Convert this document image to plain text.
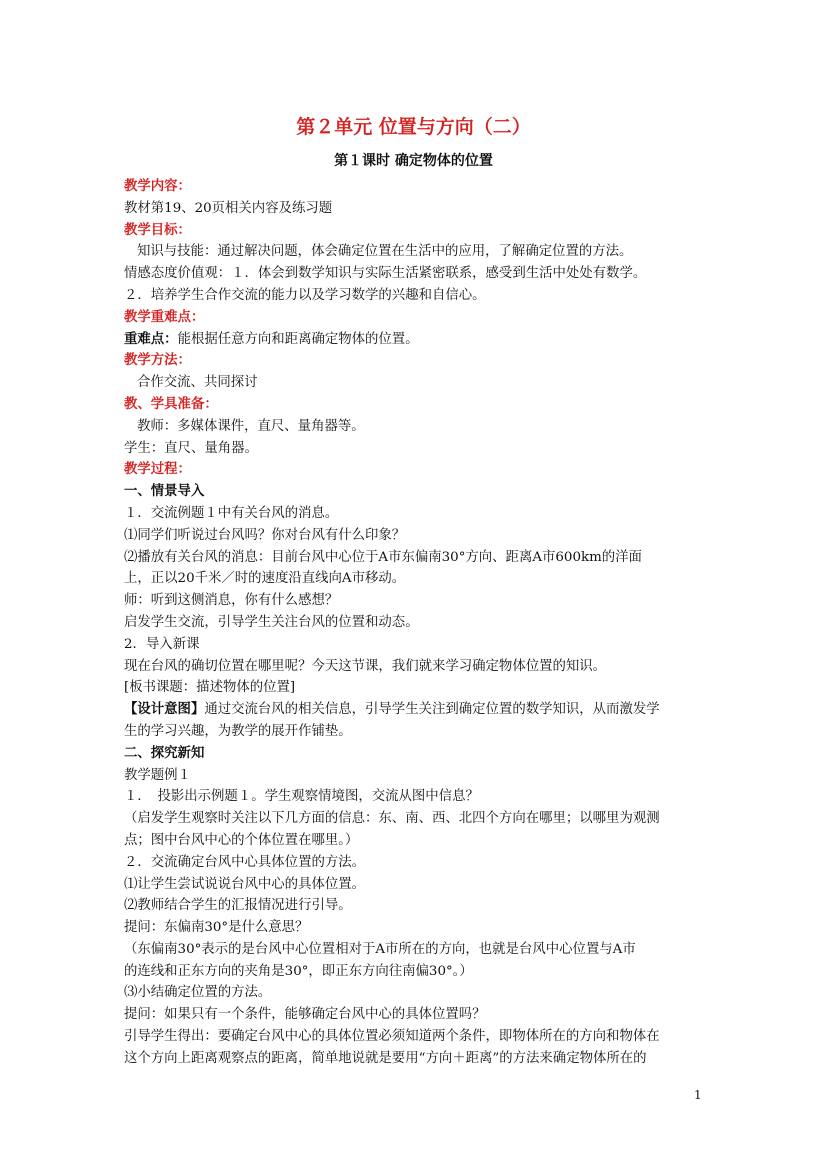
第２单元 位置与方向（二）
第１课时 确定物体的位置
教学内容：
教材第19、20页相关内容及练习题
教学目标：
知识与技能：通过解决问题，体会确定位置在生活中的应用，了解确定位置的方法。
情感态度价值观：１．体会到数学知识与实际生活紧密联系，感受到生活中处处有数学。
２．培养学生合作交流的能力以及学习数学的兴趣和自信心。
教学重难点：
重难点：能根据任意方向和距离确定物体的位置。
教学方法：
合作交流、共同探讨
教、学具准备：
教师：多媒体课件，直尺、量角器等。
学生：直尺、量角器。
教学过程：
一、情景导入
１．交流例题１中有关台风的消息。
⑴同学们听说过台风吗？你对台风有什么印象？
⑵播放有关台风的消息：目前台风中心位于A市东偏南30°方向、距离A市600km的洋面
上，正以20千米／时的速度沿直线向A市移动。
师：听到这侧消息，你有什么感想？
启发学生交流，引导学生关注台风的位置和动态。
2．导入新课
现在台风的确切位置在哪里呢？今天这节课，我们就来学习确定物体位置的知识。
[板书课题：描述物体的位置]
【设计意图】通过交流台风的相关信息，引导学生关注到确定位置的数学知识，从而激发学
生的学习兴趣，为教学的展开作铺垫。
二、探究新知
教学题例１
１．　投影出示例题１。学生观察情境图，交流从图中信息？
（启发学生观察时关注以下几方面的信息：东、南、西、北四个方向在哪里；以哪里为观测
点；图中台风中心的个体位置在哪里。）
２．交流确定台风中心具体位置的方法。
⑴让学生尝试说说台风中心的具体位置。
⑵教师结合学生的汇报情况进行引导。
提问：东偏南30°是什么意思？
（东偏南30°表示的是台风中心位置相对于A市所在的方向，也就是台风中心位置与A市
的连线和正东方向的夹角是30°，即正东方向往南偏30°。）
⑶小结确定位置的方法。
提问：如果只有一个条件，能够确定台风中心的具体位置吗？
引导学生得出：要确定台风中心的具体位置必须知道两个条件，即物体所在的方向和物体在
这个方向上距离观察点的距离，简单地说就是要用“方向＋距离”的方法来确定物体所在的
1
